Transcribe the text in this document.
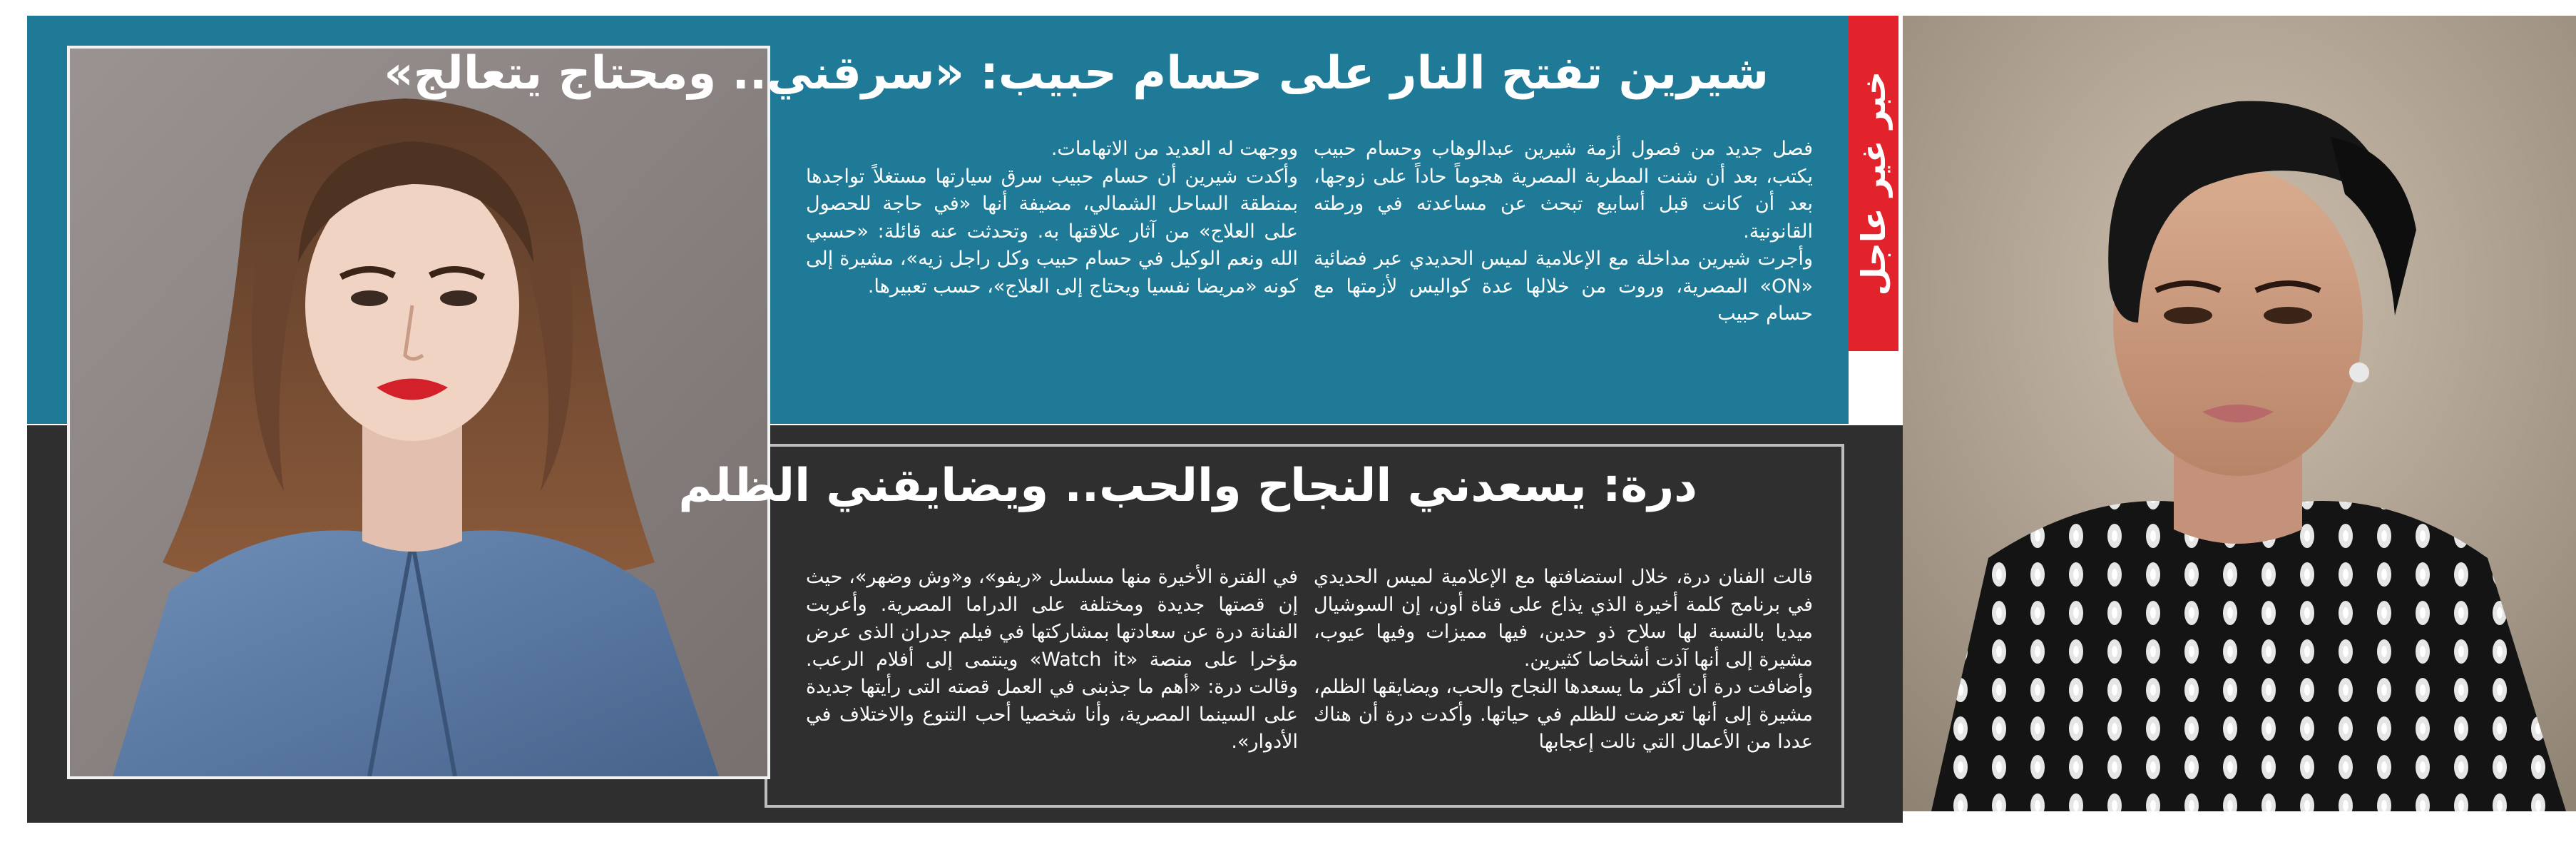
خبر غير عاجل
شيرين تفتح النار على حسام حبيب: «سرقني.. ومحتاج يتعالج»

فصل جديد من فصول أزمة شيرين عبدالوهاب وحسام حبيب يكتب، بعد أن شنت المطربة المصرية هجوماً حاداً على زوجها، بعد أن كانت قبل أسابيع تبحث عن مساعدته في ورطته القانونية.

وأجرت شيرين مداخلة مع الإعلامية لميس الحديدي عبر فضائية «ON» المصرية، وروت من خلالها عدة كواليس لأزمتها مع حسام حبيب

ووجهت له العديد من الاتهامات.

وأكدت شيرين أن حسام حبيب سرق سيارتها مستغلاً تواجدها بمنطقة الساحل الشمالي، مضيفة أنها «في حاجة للحصول على العلاج» من آثار علاقتها به. وتحدثت عنه قائلة: «حسبي الله ونعم الوكيل في حسام حبيب وكل راجل زيه»، مشيرة إلى كونه «مريضا نفسيا ويحتاج إلى العلاج»، حسب تعبيرها.

درة: يسعدني النجاح والحب.. ويضايقني الظلم

قالت الفنان درة، خلال استضافتها مع الإعلامية لميس الحديدي في برنامج كلمة أخيرة الذي يذاع على قناة أون، إن السوشيال ميديا بالنسبة لها سلاح ذو حدين، فيها مميزات وفيها عيوب، مشيرة إلى أنها آذت أشخاصا كثيرين.

وأضافت درة أن أكثر ما يسعدها النجاح والحب، ويضايقها الظلم، مشيرة إلى أنها تعرضت للظلم في حياتها. وأكدت درة أن هناك عددا من الأعمال التي نالت إعجابها

في الفترة الأخيرة منها مسلسل «ريفو»، و«وش وضهر»، حيث إن قصتها جديدة ومختلفة على الدراما المصرية. وأعربت الفنانة درة عن سعادتها بمشاركتها في فيلم جدران الذى عرض مؤخرا على منصة «Watch it» وينتمى إلى أفلام الرعب. وقالت درة: «أهم ما جذبنى في العمل قصته التى رأيتها جديدة على السينما المصرية، وأنا شخصيا أحب التنوع والاختلاف في الأدوار».
